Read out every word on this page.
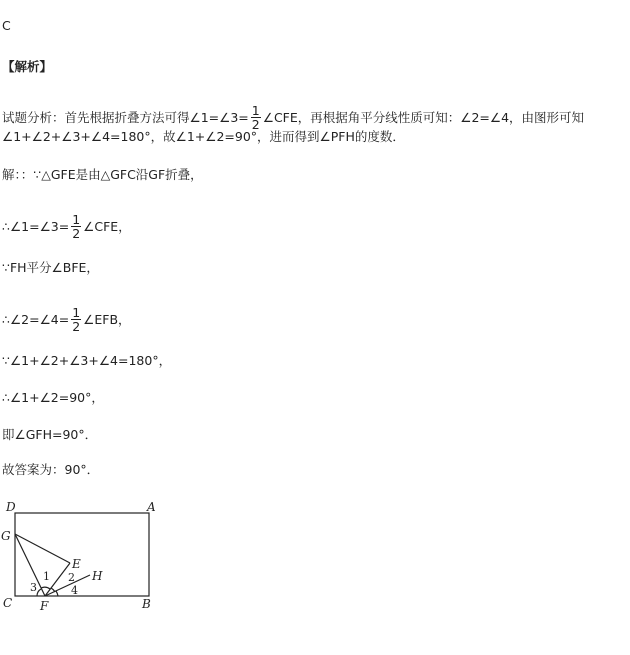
C
【解析】
试题分析：首先根据折叠方法可得∠1=∠3= $\frac{1}{2}$ ∠CFE，再根据角平分线性质可知：∠2=∠4，由图形可知
∠1+∠2+∠3+∠4=180°，故∠1+∠2=90°，进而得到∠PFH的度数．
解：：∵△GFE是由△GFC沿GF折叠，
∴∠1=∠3= $\frac{1}{2}$ ∠CFE，
∵FH平分∠BFE，
∴∠2=∠4= $\frac{1}{2}$ ∠EFB，
∵∠1+∠2+∠3+∠4=180°，
∴∠1+∠2=90°，
即∠GFH=90°．
故答案为：90°．
D	A
G
E
H
C F	B
1 2
3	4
